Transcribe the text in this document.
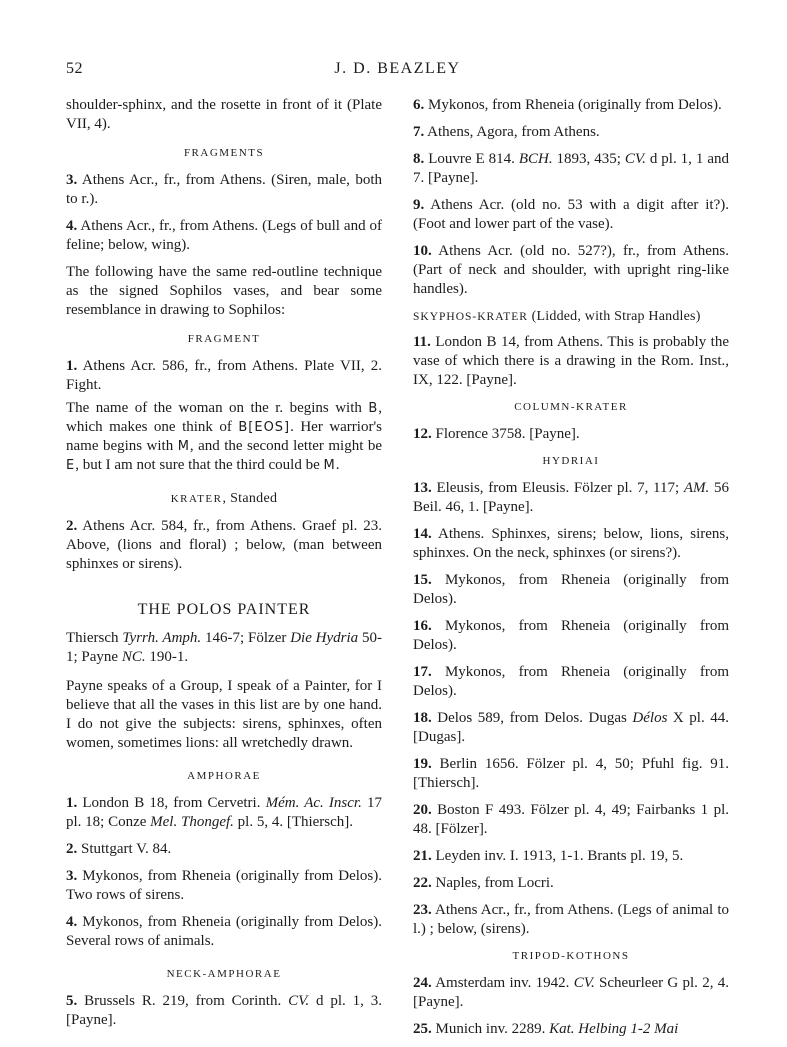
52	J. D. BEAZLEY

shoulder-sphinx, and the rosette in front of it (Plate VII, 4).

FRAGMENTS

3. Athens Acr., fr., from Athens. (Siren, male, both to r.).

4. Athens Acr., fr., from Athens. (Legs of bull and of feline; below, wing).

The following have the same red-outline technique as the signed Sophilos vases, and bear some resemblance in drawing to Sophilos:

FRAGMENT

1. Athens Acr. 586, fr., from Athens. Plate VII, 2. Fight.

The name of the woman on the r. begins with B, which makes one think of B[EOS]. Her warrior's name begins with M, and the second letter might be E, but I am not sure that the third could be M.

KRATER, Standed

2. Athens Acr. 584, fr., from Athens. Graef pl. 23. Above, (lions and floral) ; below, (man between sphinxes or sirens).

THE POLOS PAINTER

Thiersch Tyrrh. Amph. 146-7; Fölzer Die Hydria 50-1; Payne NC. 190-1.

Payne speaks of a Group, I speak of a Painter, for I believe that all the vases in this list are by one hand. I do not give the subjects: sirens, sphinxes, often women, sometimes lions: all wretchedly drawn.

AMPHORAE

1. London B 18, from Cervetri. Mém. Ac. Inscr. 17 pl. 18; Conze Mel. Thongef. pl. 5, 4. [Thiersch].

2. Stuttgart V. 84.

3. Mykonos, from Rheneia (originally from Delos). Two rows of sirens.

4. Mykonos, from Rheneia (originally from Delos). Several rows of animals.

NECK-AMPHORAE

5. Brussels R. 219, from Corinth. CV. d pl. 1, 3. [Payne].

6. Mykonos, from Rheneia (originally from Delos).

7. Athens, Agora, from Athens.

8. Louvre E 814. BCH. 1893, 435; CV. d pl. 1, 1 and 7. [Payne].

9. Athens Acr. (old no. 53 with a digit after it?). (Foot and lower part of the vase).

10. Athens Acr. (old no. 527?), fr., from Athens. (Part of neck and shoulder, with upright ring-like handles).

SKYPHOS-KRATER (Lidded, with Strap Handles)

11. London B 14, from Athens. This is probably the vase of which there is a drawing in the Rom. Inst., IX, 122. [Payne].

COLUMN-KRATER

12. Florence 3758. [Payne].

HYDRIAI

13. Eleusis, from Eleusis. Fölzer pl. 7, 117; AM. 56 Beil. 46, 1. [Payne].

14. Athens. Sphinxes, sirens; below, lions, sirens, sphinxes. On the neck, sphinxes (or sirens?).

15. Mykonos, from Rheneia (originally from Delos).

16. Mykonos, from Rheneia (originally from Delos).

17. Mykonos, from Rheneia (originally from Delos).

18. Delos 589, from Delos. Dugas Délos X pl. 44. [Dugas].

19. Berlin 1656. Fölzer pl. 4, 50; Pfuhl fig. 91. [Thiersch].

20. Boston F 493. Fölzer pl. 4, 49; Fairbanks 1 pl. 48. [Fölzer].

21. Leyden inv. I. 1913, 1-1. Brants pl. 19, 5.

22. Naples, from Locri.

23. Athens Acr., fr., from Athens. (Legs of animal to l.) ; below, (sirens).

TRIPOD-KOTHONS

24. Amsterdam inv. 1942. CV. Scheurleer G pl. 2, 4. [Payne].

25. Munich inv. 2289. Kat. Helbing 1-2 Mai
